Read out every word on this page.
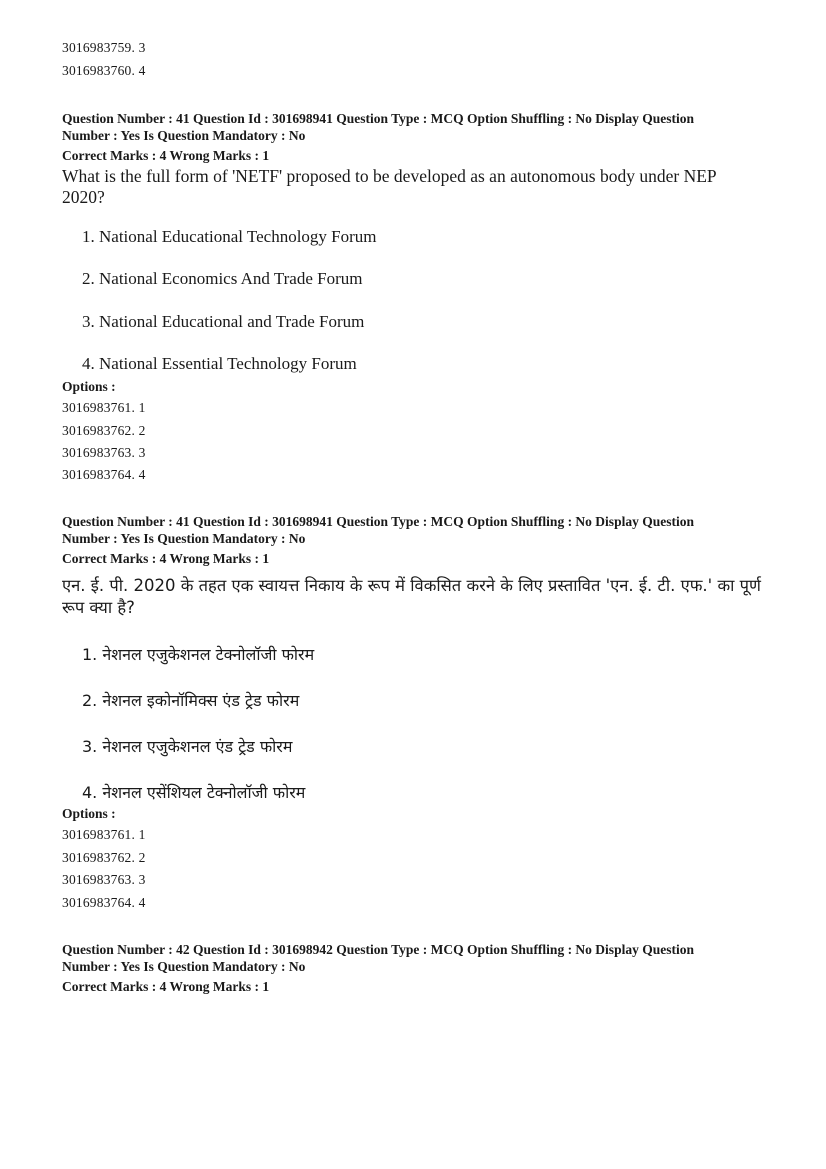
3016983759. 3
3016983760. 4
Question Number : 41 Question Id : 301698941 Question Type : MCQ Option Shuffling : No Display Question
Number : Yes Is Question Mandatory : No
Correct Marks : 4 Wrong Marks : 1
What is the full form of 'NETF' proposed to be developed as an autonomous body under NEP 2020?
1. National Educational Technology Forum
2. National Economics And Trade Forum
3. National Educational and Trade Forum
4. National Essential Technology Forum
Options :
3016983761. 1
3016983762. 2
3016983763. 3
3016983764. 4
Question Number : 41 Question Id : 301698941 Question Type : MCQ Option Shuffling : No Display Question
Number : Yes Is Question Mandatory : No
Correct Marks : 4 Wrong Marks : 1
एन. ई. पी. 2020 के तहत एक स्वायत्त निकाय के रूप में विकसित करने के लिए प्रस्तावित 'एन. ई. टी. एफ.' का पूर्ण रूप क्या है?
1. नेशनल एजुकेशनल टेक्नोलॉजी फोरम
2. नेशनल इकोनॉमिक्स एंड ट्रेड फोरम
3. नेशनल एजुकेशनल एंड ट्रेड फोरम
4. नेशनल एसेंशियल टेक्नोलॉजी फोरम
Options :
3016983761. 1
3016983762. 2
3016983763. 3
3016983764. 4
Question Number : 42 Question Id : 301698942 Question Type : MCQ Option Shuffling : No Display Question
Number : Yes Is Question Mandatory : No
Correct Marks : 4 Wrong Marks : 1
